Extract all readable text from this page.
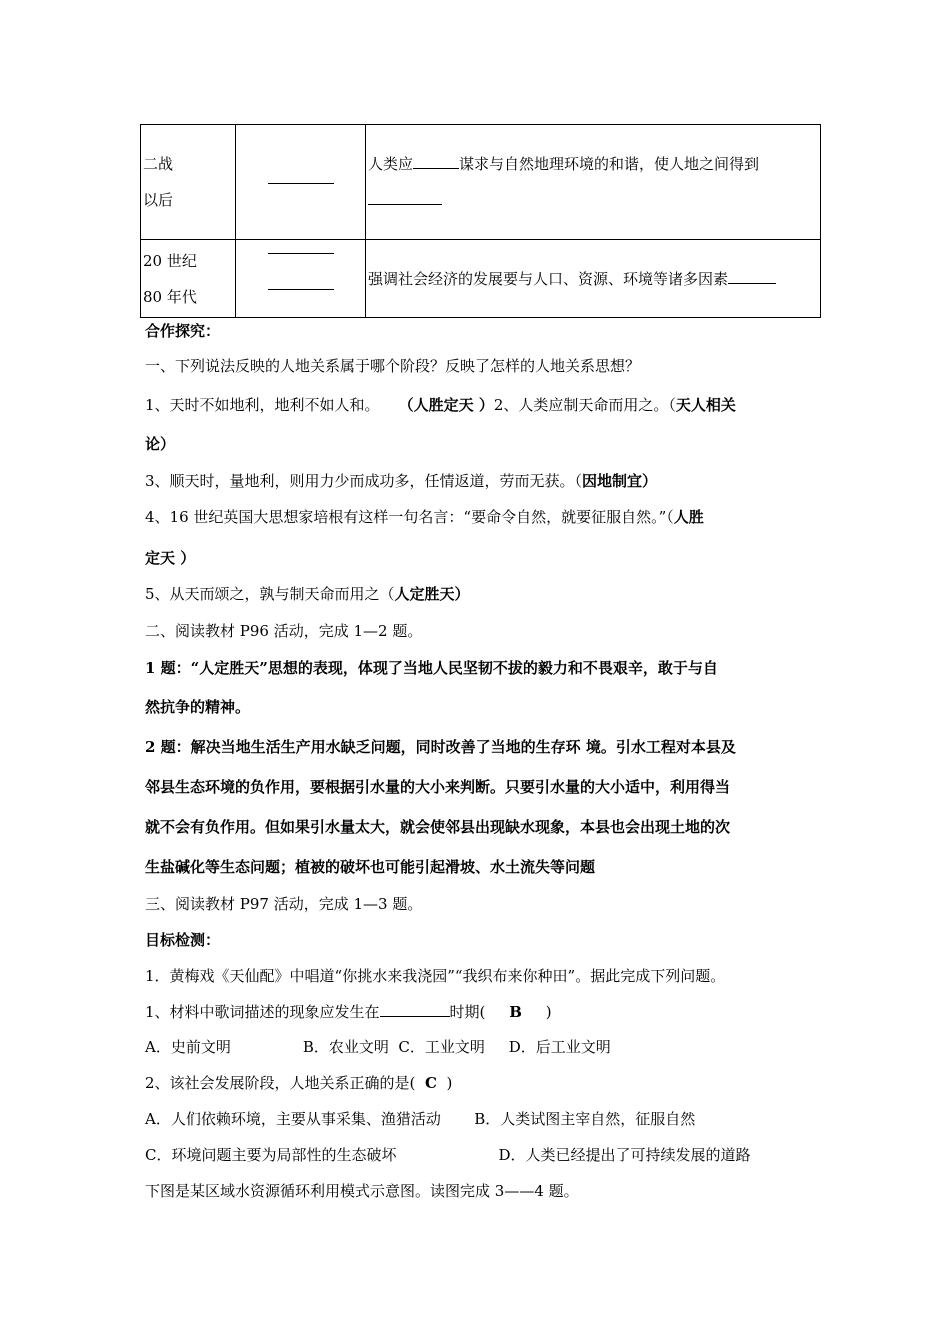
二战
以后		人类应 谋求与自然地理环境的和谐，使人地之间得到

20 世纪
80 年代		强调社会经济的发展要与人口、资源、环境等诸多因素
合作探究：
一、下列说法反映的人地关系属于哪个阶段？反映了怎样的人地关系思想？
1、天时不如地利，地利不如人和。 （人胜定天 ）2、人类应制天命而用之。（天人相关
论）
3、顺天时，量地利，则用力少而成功多，任情返道，劳而无获。（因地制宜）
4、16 世纪英国大思想家培根有这样一句名言：“要命令自然，就要征服自然。”（人胜
定天 ）
5、从天而颂之，孰与制天命而用之（人定胜天）
二、阅读教材 P96 活动，完成 1—2 题。
1 题：“人定胜天”思想的表现，体现了当地人民坚韧不拔的毅力和不畏艰辛，敢于与自
然抗争的精神。
2 题：解决当地生活生产用水缺乏问题，同时改善了当地的生存环 境。引水工程对本县及
邻县生态环境的负作用，要根据引水量的大小来判断。只要引水量的大小适中，利用得当
就不会有负作用。但如果引水量太大，就会使邻县出现缺水现象，本县也会出现土地的次
生盐碱化等生态问题；植被的破坏也可能引起滑坡、水土流失等问题
三、阅读教材 P97 活动，完成 1—3 题。
目标检测：
1．黄梅戏《天仙配》中唱道“你挑水来我浇园”“我织布来你种田”。据此完成下列问题。
1、材料中歌词描述的现象应发生在	时期( B )
A．史前文明	B．农业文明 C．工业文明 D．后工业文明
2、该社会发展阶段，人地关系正确的是( C )
A．人们依赖环境，主要从事采集、渔猎活动 B．人类试图主宰自然，征服自然
C．环境问题主要为局部性的生态破坏	D．人类已经提出了可持续发展的道路
下图是某区域水资源循环利用模式示意图。读图完成 3——4 题。
